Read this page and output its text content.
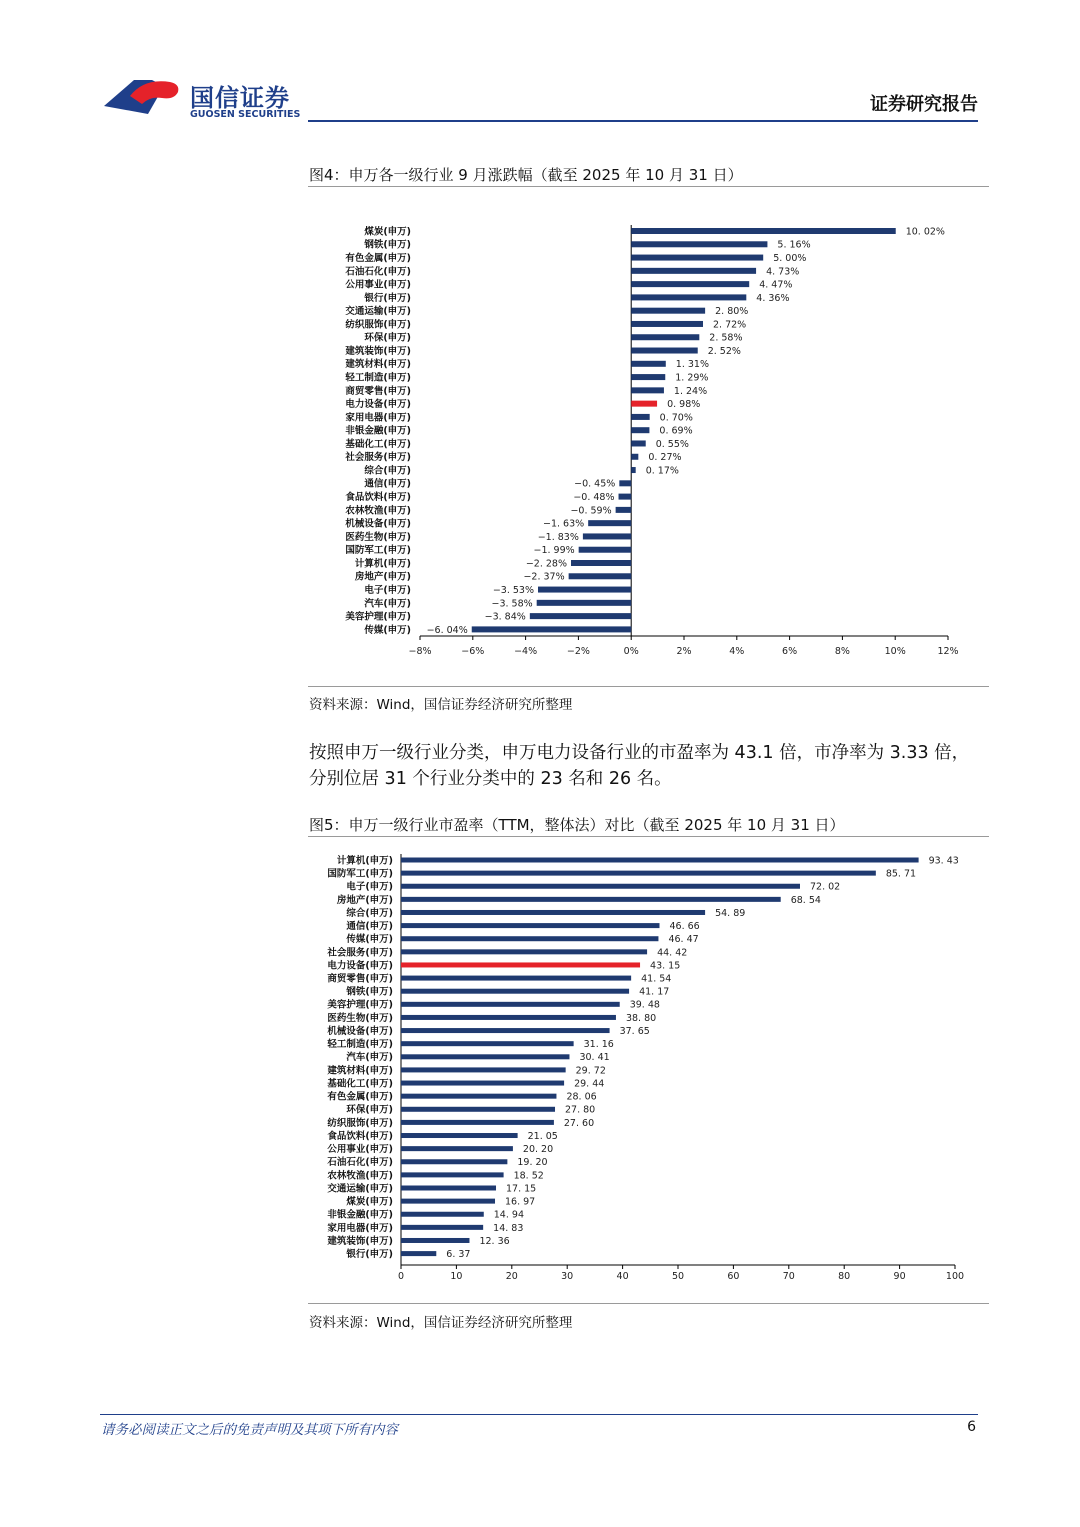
国信证券
GUOSEN SECURITIES	证券研究报告
图4：申万各一级行业 9 月涨跌幅（截至 2025 年 10 月 31 日）
煤炭(申万)	10. 02%
钢铁(申万)	5. 16%
有色金属(申万)	5. 00%
石油石化(申万)	4. 73%
公用事业(申万)	4. 47%
银行(申万)	4. 36%
交通运输(申万)	2. 80%
纺织服饰(申万)	2. 72%
环保(申万)	2. 58%
建筑装饰(申万)	2. 52%
建筑材料(申万)	1. 31%
轻工制造(申万)	1. 29%
商贸零售(申万)	1. 24%
电力设备(申万)	0. 98%
家用电器(申万)	0. 70%
非银金融(申万)	0. 69%
基础化工(申万)	0. 55%
社会服务(申万)	0. 27%
综合(申万)	0. 17%
通信(申万)	−0. 45%
食品饮料(申万)	−0. 48%
农林牧渔(申万)	−0. 59%
机械设备(申万)	−1. 63%
医药生物(申万)	−1. 83%
国防军工(申万)	−1. 99%
计算机(申万)	−2. 28%
房地产(申万)	−2. 37%
电子(申万)	−3. 53%
汽车(申万)	−3. 58%
美容护理(申万)	−3. 84%
传媒(申万) −6. 04%
−8%	−6%	−4%	−2%	0%	2%	4%	6%	8%	10%	12%
资料来源：Wind，国信证券经济研究所整理
按照申万一级行业分类，申万电力设备行业的市盈率为 43.1 倍，市净率为 3.33 倍，分别位居 31 个行业分类中的 23 名和 26 名。
图5：申万一级行业市盈率（TTM，整体法）对比（截至 2025 年 10 月 31 日）
计算机(申万)	93. 43
国防军工(申万)	85. 71
电子(申万)	72. 02
房地产(申万)	68. 54
综合(申万)	54. 89
通信(申万)	46. 66
传媒(申万)	46. 47
社会服务(申万)	44. 42
电力设备(申万)	43. 15
商贸零售(申万)	41. 54
钢铁(申万)	41. 17
美容护理(申万)	39. 48
医药生物(申万)	38. 80
机械设备(申万)	37. 65
轻工制造(申万)	31. 16
汽车(申万)	30. 41
建筑材料(申万)	29. 72
基础化工(申万)	29. 44
有色金属(申万)	28. 06
环保(申万)	27. 80
纺织服饰(申万)	27. 60
食品饮料(申万)	21. 05
公用事业(申万)	20. 20
石油石化(申万)	19. 20
农林牧渔(申万)	18. 52
交通运输(申万)	17. 15
煤炭(申万)	16. 97
非银金融(申万)	14. 94
家用电器(申万)	14. 83
建筑装饰(申万)	12. 36
银行(申万)	6. 37
0	10	20	30	40	50	60	70	80	90	100
资料来源：Wind，国信证券经济研究所整理
请务必阅读正文之后的免责声明及其项下所有内容	6
